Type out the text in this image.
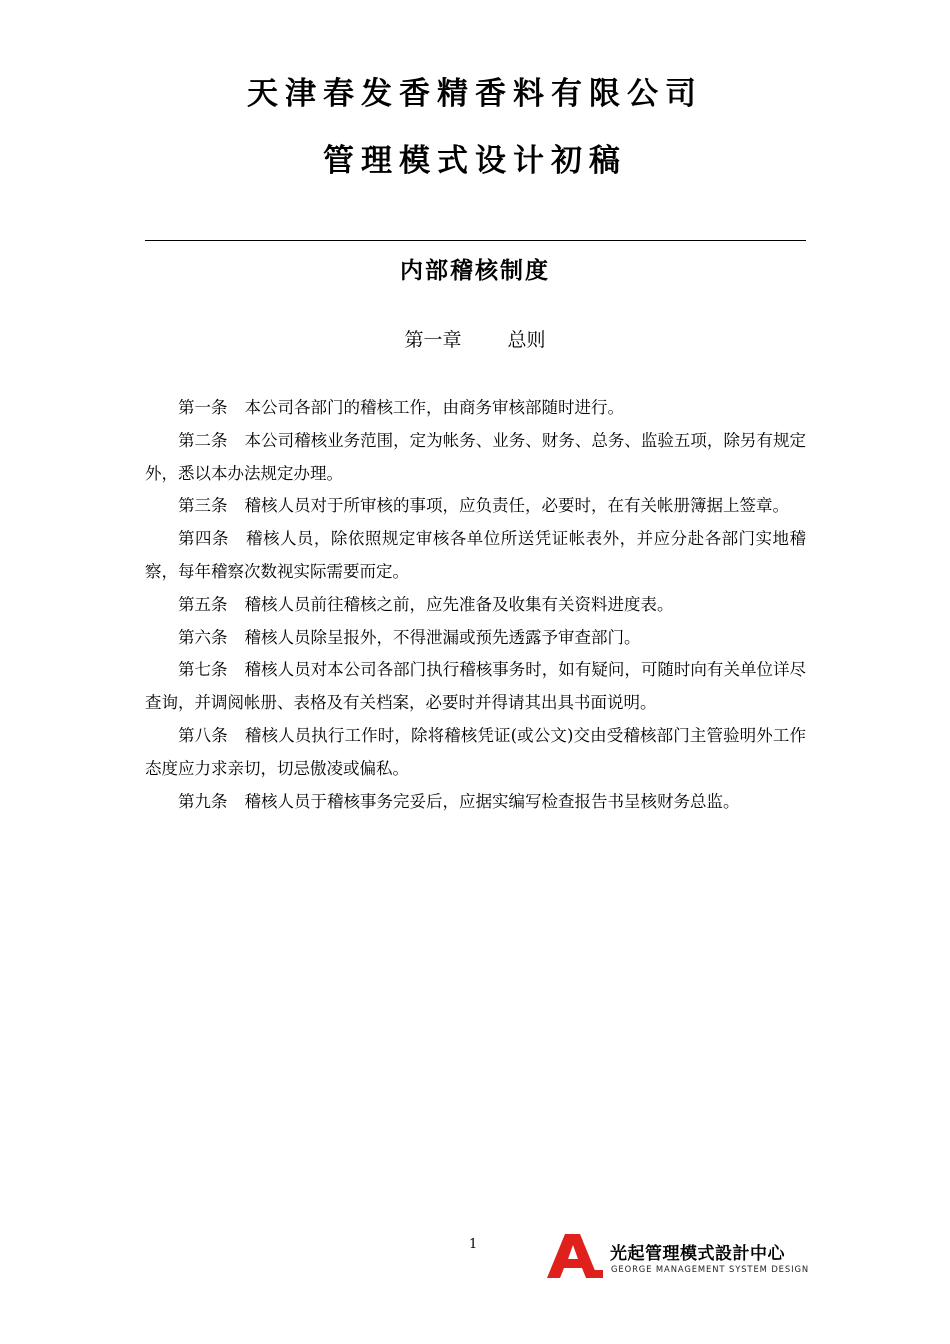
天津春发香精香料有限公司
管理模式设计初稿
内部稽核制度
第一章 总则

第一条 本公司各部门的稽核工作，由商务审核部随时进行。

第二条 本公司稽核业务范围，定为帐务、业务、财务、总务、监验五项，除另有规定外，悉以本办法规定办理。

第三条 稽核人员对于所审核的事项，应负责任，必要时，在有关帐册簿据上签章。

第四条 稽核人员，除依照规定审核各单位所送凭证帐表外，并应分赴各部门实地稽察，每年稽察次数视实际需要而定。

第五条 稽核人员前往稽核之前，应先准备及收集有关资料进度表。

第六条 稽核人员除呈报外，不得泄漏或预先透露予审查部门。

第七条 稽核人员对本公司各部门执行稽核事务时，如有疑问，可随时向有关单位详尽查询，并调阅帐册、表格及有关档案，必要时并得请其出具书面说明。

第八条 稽核人员执行工作时，除将稽核凭证(或公文)交由受稽核部门主管验明外工作态度应力求亲切，切忌傲凌或偏私。

第九条 稽核人员于稽核事务完妥后，应据实编写检查报告书呈核财务总监。

1	光起管理模式設計中心
GEORGE MANAGEMENT SYSTEM DESIGN
